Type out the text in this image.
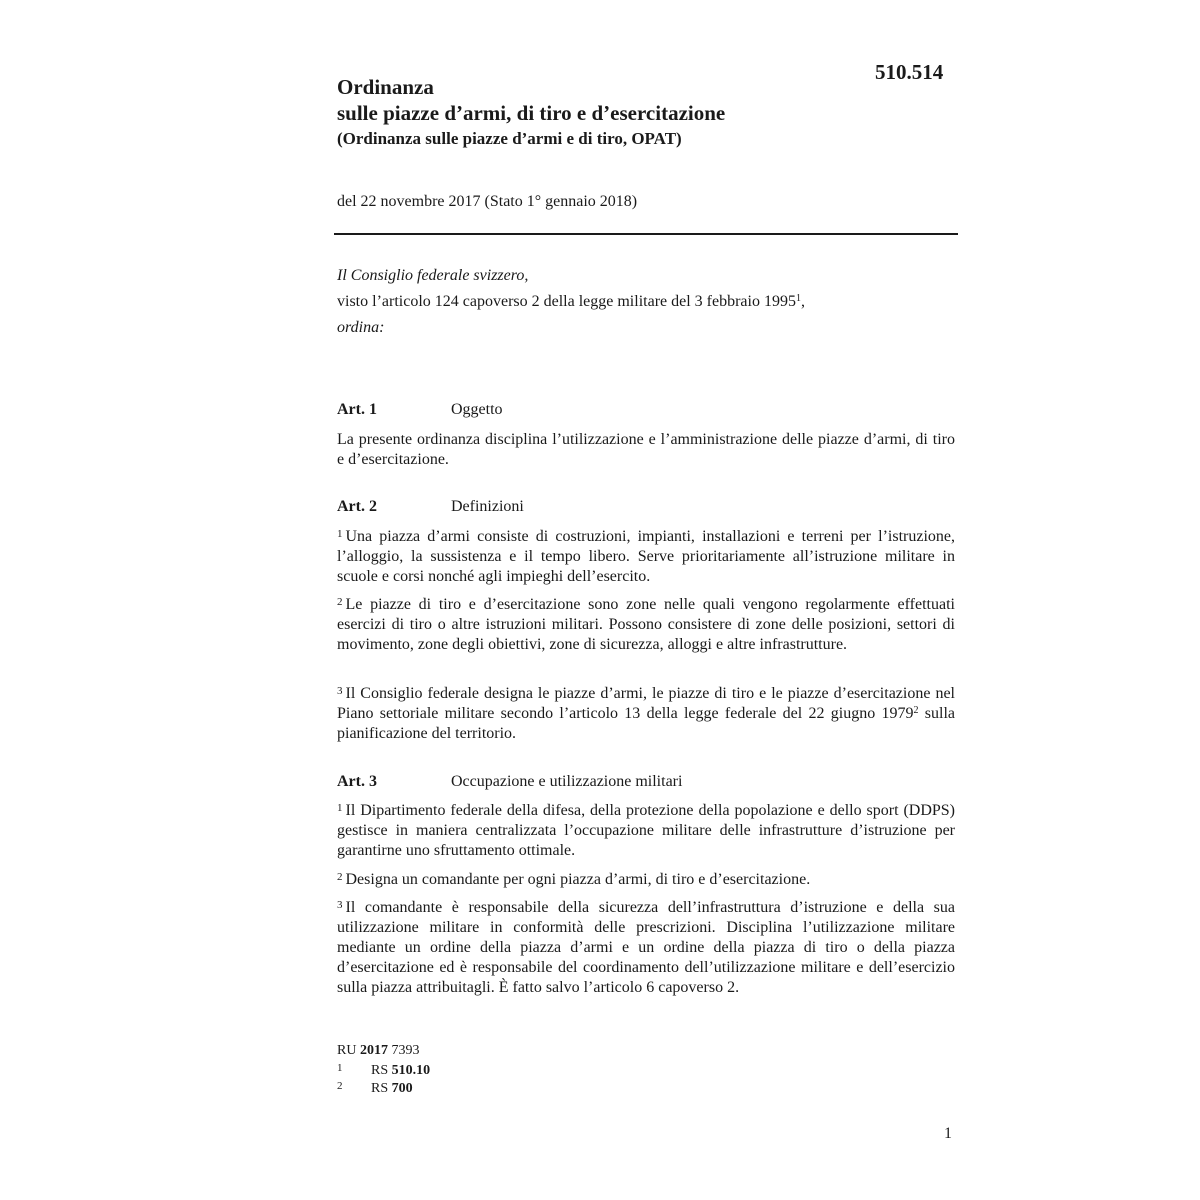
510.514
Ordinanza
sulle piazze d’armi, di tiro e d’esercitazione
(Ordinanza sulle piazze d’armi e di tiro, OPAT)
del 22 novembre 2017 (Stato 1° gennaio 2018)
Il Consiglio federale svizzero,
visto l’articolo 124 capoverso 2 della legge militare del 3 febbraio 1995$^1$,
ordina:
Art. 1	Oggetto

La presente ordinanza disciplina l’utilizzazione e l’amministrazione delle piazze d’armi, di tiro e d’esercitazione.

Art. 2	Definizioni

$^1$ Una piazza d’armi consiste di costruzioni, impianti, installazioni e terreni per l’istruzione, l’alloggio, la sussistenza e il tempo libero. Serve prioritariamente all’istruzione militare in scuole e corsi nonché agli impieghi dell’esercito.

$^2$ Le piazze di tiro e d’esercitazione sono zone nelle quali vengono regolarmente effettuati esercizi di tiro o altre istruzioni militari. Possono consistere di zone delle posizioni, settori di movimento, zone degli obiettivi, zone di sicurezza, alloggi e altre infrastrutture.

$^3$ Il Consiglio federale designa le piazze d’armi, le piazze di tiro e le piazze d’esercitazione nel Piano settoriale militare secondo l’articolo 13 della legge federale del 22 giugno 1979$^2$ sulla pianificazione del territorio.

Art. 3	Occupazione e utilizzazione militari

$^1$ Il Dipartimento federale della difesa, della protezione della popolazione e dello sport (DDPS) gestisce in maniera centralizzata l’occupazione militare delle infrastrutture d’istruzione per garantirne uno sfruttamento ottimale.

$^2$ Designa un comandante per ogni piazza d’armi, di tiro e d’esercitazione.

$^3$ Il comandante è responsabile della sicurezza dell’infrastruttura d’istruzione e della sua utilizzazione militare in conformità delle prescrizioni. Disciplina l’utilizzazione militare mediante un ordine della piazza d’armi e un ordine della piazza di tiro o della piazza d’esercitazione ed è responsabile del coordinamento dell’utilizzazione militare e dell’esercizio sulla piazza attribuitagli. È fatto salvo l’articolo 6 capoverso 2.

RU 2017 7393
1 RS 510.10
2 RS 700
1
